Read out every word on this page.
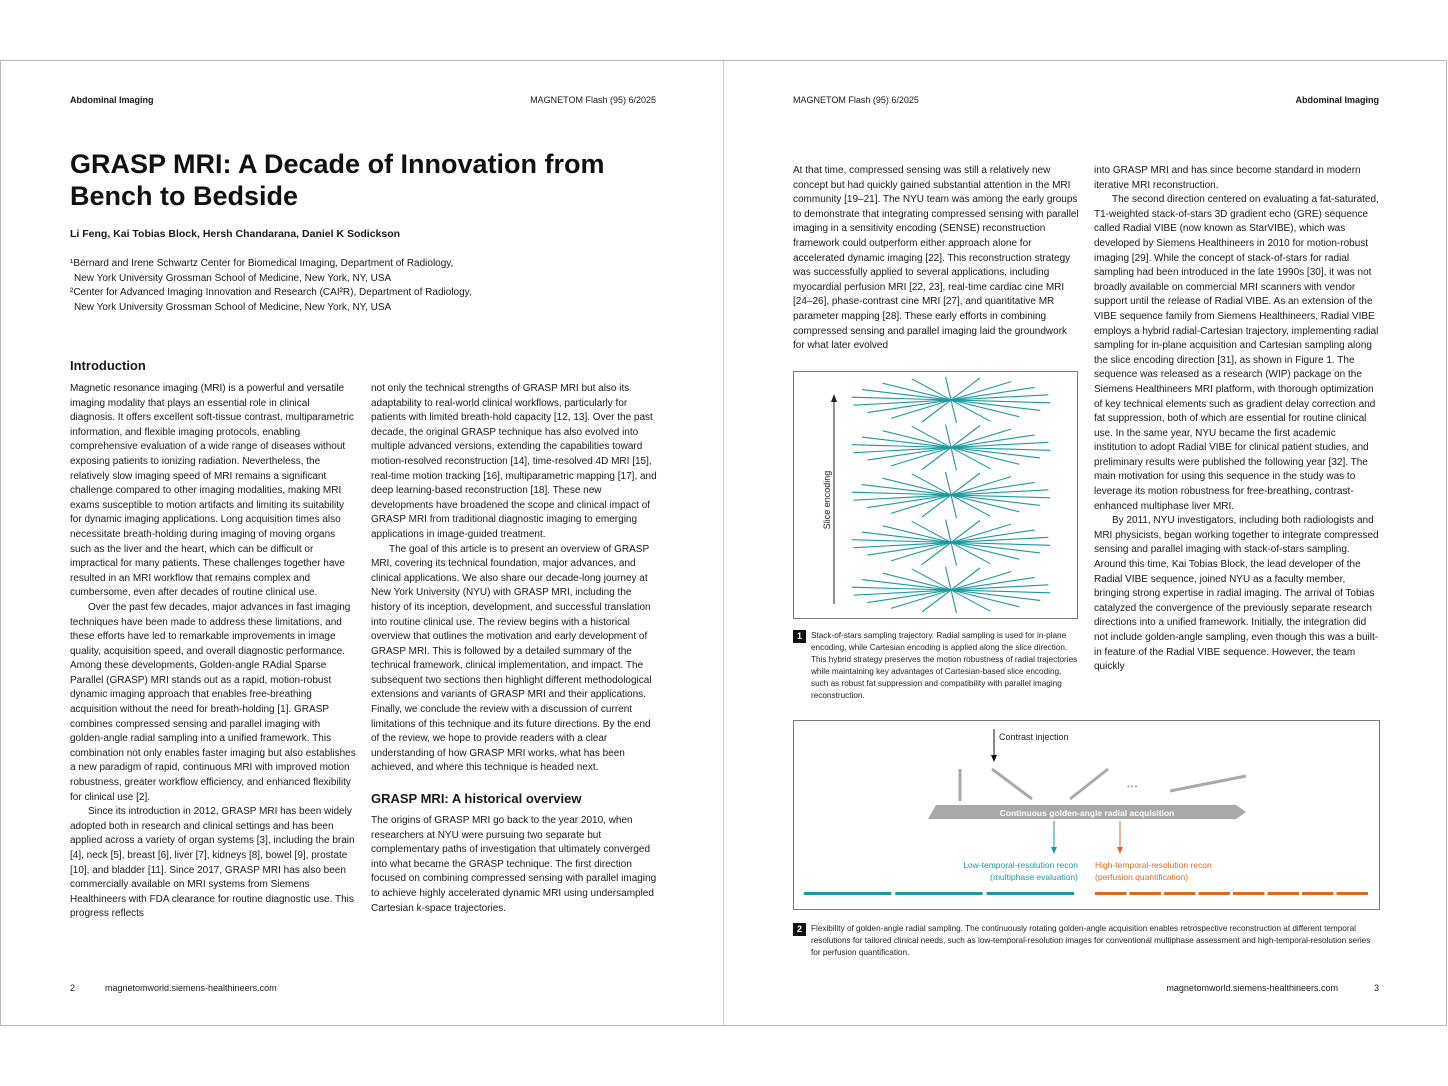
Abdominal Imaging	MAGNETOM Flash (95) 6/2025
GRASP MRI: A Decade of Innovation from
Bench to Bedside
Li Feng, Kai Tobias Block, Hersh Chandarana, Daniel K Sodickson
¹Bernard and Irene Schwartz Center for Biomedical Imaging, Department of Radiology,
New York University Grossman School of Medicine, New York, NY, USA
²Center for Advanced Imaging Innovation and Research (CAI²R), Department of Radiology,
New York University Grossman School of Medicine, New York, NY, USA
Introduction

Magnetic resonance imaging (MRI) is a powerful and versatile imaging modality that plays an essential role in clinical diagnosis. It offers excellent soft-tissue contrast, multiparametric information, and flexible imaging protocols, enabling comprehensive evaluation of a wide range of diseases without exposing patients to ionizing radiation. Nevertheless, the relatively slow imaging speed of MRI remains a significant challenge compared to other imaging modalities, making MRI exams susceptible to motion artifacts and limiting its suitability for dynamic imaging applications. Long acquisition times also necessitate breath-holding during imaging of moving organs such as the liver and the heart, which can be difficult or impractical for many patients. These challenges together have resulted in an MRI workflow that remains complex and cumbersome, even after decades of routine clinical use.

Over the past few decades, major advances in fast imaging techniques have been made to address these limitations, and these efforts have led to remarkable improvements in image quality, acquisition speed, and overall diagnostic performance. Among these developments, Golden-angle RAdial Sparse Parallel (GRASP) MRI stands out as a rapid, motion-robust dynamic imaging approach that enables free-breathing acquisition without the need for breath-holding [1]. GRASP combines compressed sensing and parallel imaging with golden-angle radial sampling into a unified framework. This combination not only enables faster imaging but also establishes a new paradigm of rapid, continuous MRI with improved motion robustness, greater workflow efficiency, and enhanced flexibility for clinical use [2].

Since its introduction in 2012, GRASP MRI has been widely adopted both in research and clinical settings and has been applied across a variety of organ systems [3], including the brain [4], neck [5], breast [6], liver [7], kidneys [8], bowel [9], prostate [10], and bladder [11]. Since 2017, GRASP MRI has also been commercially available on MRI systems from Siemens Healthineers with FDA clearance for routine diagnostic use. This progress reflects

not only the technical strengths of GRASP MRI but also its adaptability to real-world clinical workflows, particularly for patients with limited breath-hold capacity [12, 13]. Over the past decade, the original GRASP technique has also evolved into multiple advanced versions, extending the capabilities toward motion-resolved reconstruction [14], time-resolved 4D MRI [15], real-time motion tracking [16], multiparametric mapping [17], and deep learning-based reconstruction [18]. These new developments have broadened the scope and clinical impact of GRASP MRI from traditional diagnostic imaging to emerging applications in image-guided treatment.

The goal of this article is to present an overview of GRASP MRI, covering its technical foundation, major advances, and clinical applications. We also share our decade-long journey at New York University (NYU) with GRASP MRI, including the history of its inception, development, and successful translation into routine clinical use. The review begins with a historical overview that outlines the motivation and early development of GRASP MRI. This is followed by a detailed summary of the technical framework, clinical implementation, and impact. The subsequent two sections then highlight different methodological extensions and variants of GRASP MRI and their applications. Finally, we conclude the review with a discussion of current limitations of this technique and its future directions. By the end of the review, we hope to provide readers with a clear understanding of how GRASP MRI works, what has been achieved, and where this technique is headed next.

GRASP MRI: A historical overview

The origins of GRASP MRI go back to the year 2010, when researchers at NYU were pursuing two separate but complementary paths of investigation that ultimately converged into what became the GRASP technique. The first direction focused on combining compressed sensing with parallel imaging to achieve highly accelerated dynamic MRI using undersampled Cartesian k-space trajectories.

2	magnetomworld.siemens-healthineers.com
MAGNETOM Flash (95) 6/2025	Abdominal Imaging

At that time, compressed sensing was still a relatively new concept but had quickly gained substantial attention in the MRI community [19–21]. The NYU team was among the early groups to demonstrate that integrating compressed sensing with parallel imaging in a sensitivity encoding (SENSE) reconstruction framework could outperform either approach alone for accelerated dynamic imaging [22]. This reconstruction strategy was successfully applied to several applications, including myocardial perfusion MRI [22, 23], real-time cardiac cine MRI [24–26], phase-contrast cine MRI [27], and quantitative MR parameter mapping [28]. These early efforts in combining compressed sensing and parallel imaging laid the groundwork for what later evolved

into GRASP MRI and has since become standard in modern iterative MRI reconstruction.

The second direction centered on evaluating a fat-saturated, T1-weighted stack-of-stars 3D gradient echo (GRE) sequence called Radial VIBE (now known as StarVIBE), which was developed by Siemens Healthineers in 2010 for motion-robust imaging [29]. While the concept of stack-of-stars for radial sampling had been introduced in the late 1990s [30], it was not broadly available on commercial MRI scanners with vendor support until the release of Radial VIBE. As an extension of the VIBE sequence family from Siemens Healthineers, Radial VIBE employs a hybrid radial-Cartesian trajectory, implementing radial sampling for in-plane acquisition and Cartesian sampling along the slice encoding direction [31], as shown in Figure 1. The sequence was released as a research (WIP) package on the Siemens Healthineers MRI platform, with thorough optimization of key technical elements such as gradient delay correction and fat suppression, both of which are essential for routine clinical use. In the same year, NYU became the first academic institution to adopt Radial VIBE for clinical patient studies, and preliminary results were published the following year [32]. The main motivation for using this sequence in the study was to leverage its motion robustness for free-breathing, contrast-enhanced multiphase liver MRI.

By 2011, NYU investigators, including both radiologists and MRI physicists, began working together to integrate compressed sensing and parallel imaging with stack-of-stars sampling. Around this time, Kai Tobias Block, the lead developer of the Radial VIBE sequence, joined NYU as a faculty member, bringing strong expertise in radial imaging. The arrival of Tobias catalyzed the convergence of the previously separate research directions into a unified framework. Initially, the integration did not include golden-angle sampling, even though this was a built-in feature of the Radial VIBE sequence. However, the team quickly

Slice encoding
1 Stack-of-stars sampling trajectory. Radial sampling is used for in-plane encoding, while Cartesian encoding is applied along the slice direction. This hybrid strategy preserves the motion robustness of radial trajectories while maintaining key advantages of Cartesian-based slice encoding, such as robust fat suppression and compatibility with parallel imaging reconstruction.
Contrast injection
•••
Continuous golden-angle radial acquisition
Low-temporal-resolution recon
(multiphase evaluation)
High-temporal-resolution recon
(perfusion quantification)
2 Flexibility of golden-angle radial sampling. The continuously rotating golden-angle acquisition enables retrospective reconstruction at different temporal resolutions for tailored clinical needs, such as low-temporal-resolution images for conventional multiphase assessment and high-temporal-resolution series for perfusion quantification.
magnetomworld.siemens-healthineers.com	3
